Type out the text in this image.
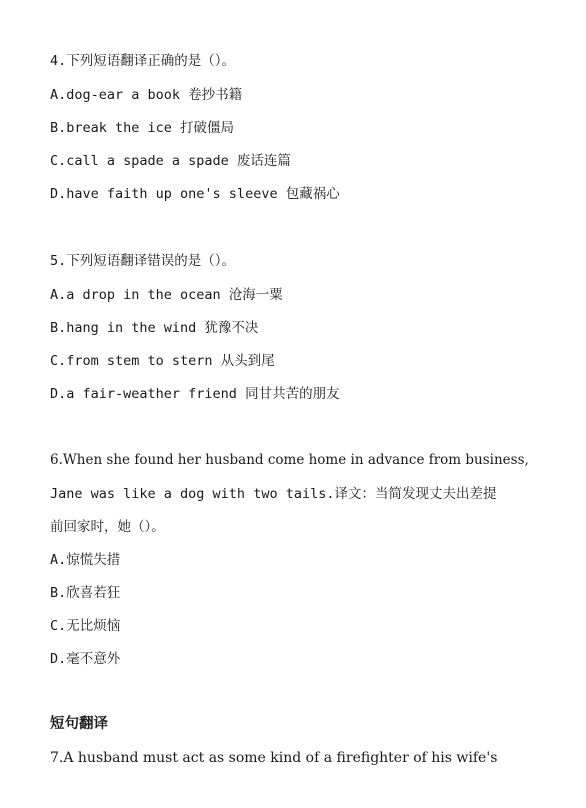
4.下列短语翻译正确的是（）。
A.dog-ear a book 卷抄书籍
B.break the ice 打破僵局
C.call a spade a spade 废话连篇
D.have faith up one's sleeve 包藏祸心
5.下列短语翻译错误的是（）。
A.a drop in the ocean 沧海一粟
B.hang in the wind 犹豫不决
C.from stem to stern 从头到尾
D.a fair-weather friend 同甘共苦的朋友
6.When she found her husband come home in advance from business,
Jane was like a dog with two tails.译文：当简发现丈夫出差提
前回家时，她（）。
A.惊慌失措
B.欣喜若狂
C.无比烦恼
D.毫不意外
短句翻译
7.A husband must act as some kind of a firefighter of his wife's
